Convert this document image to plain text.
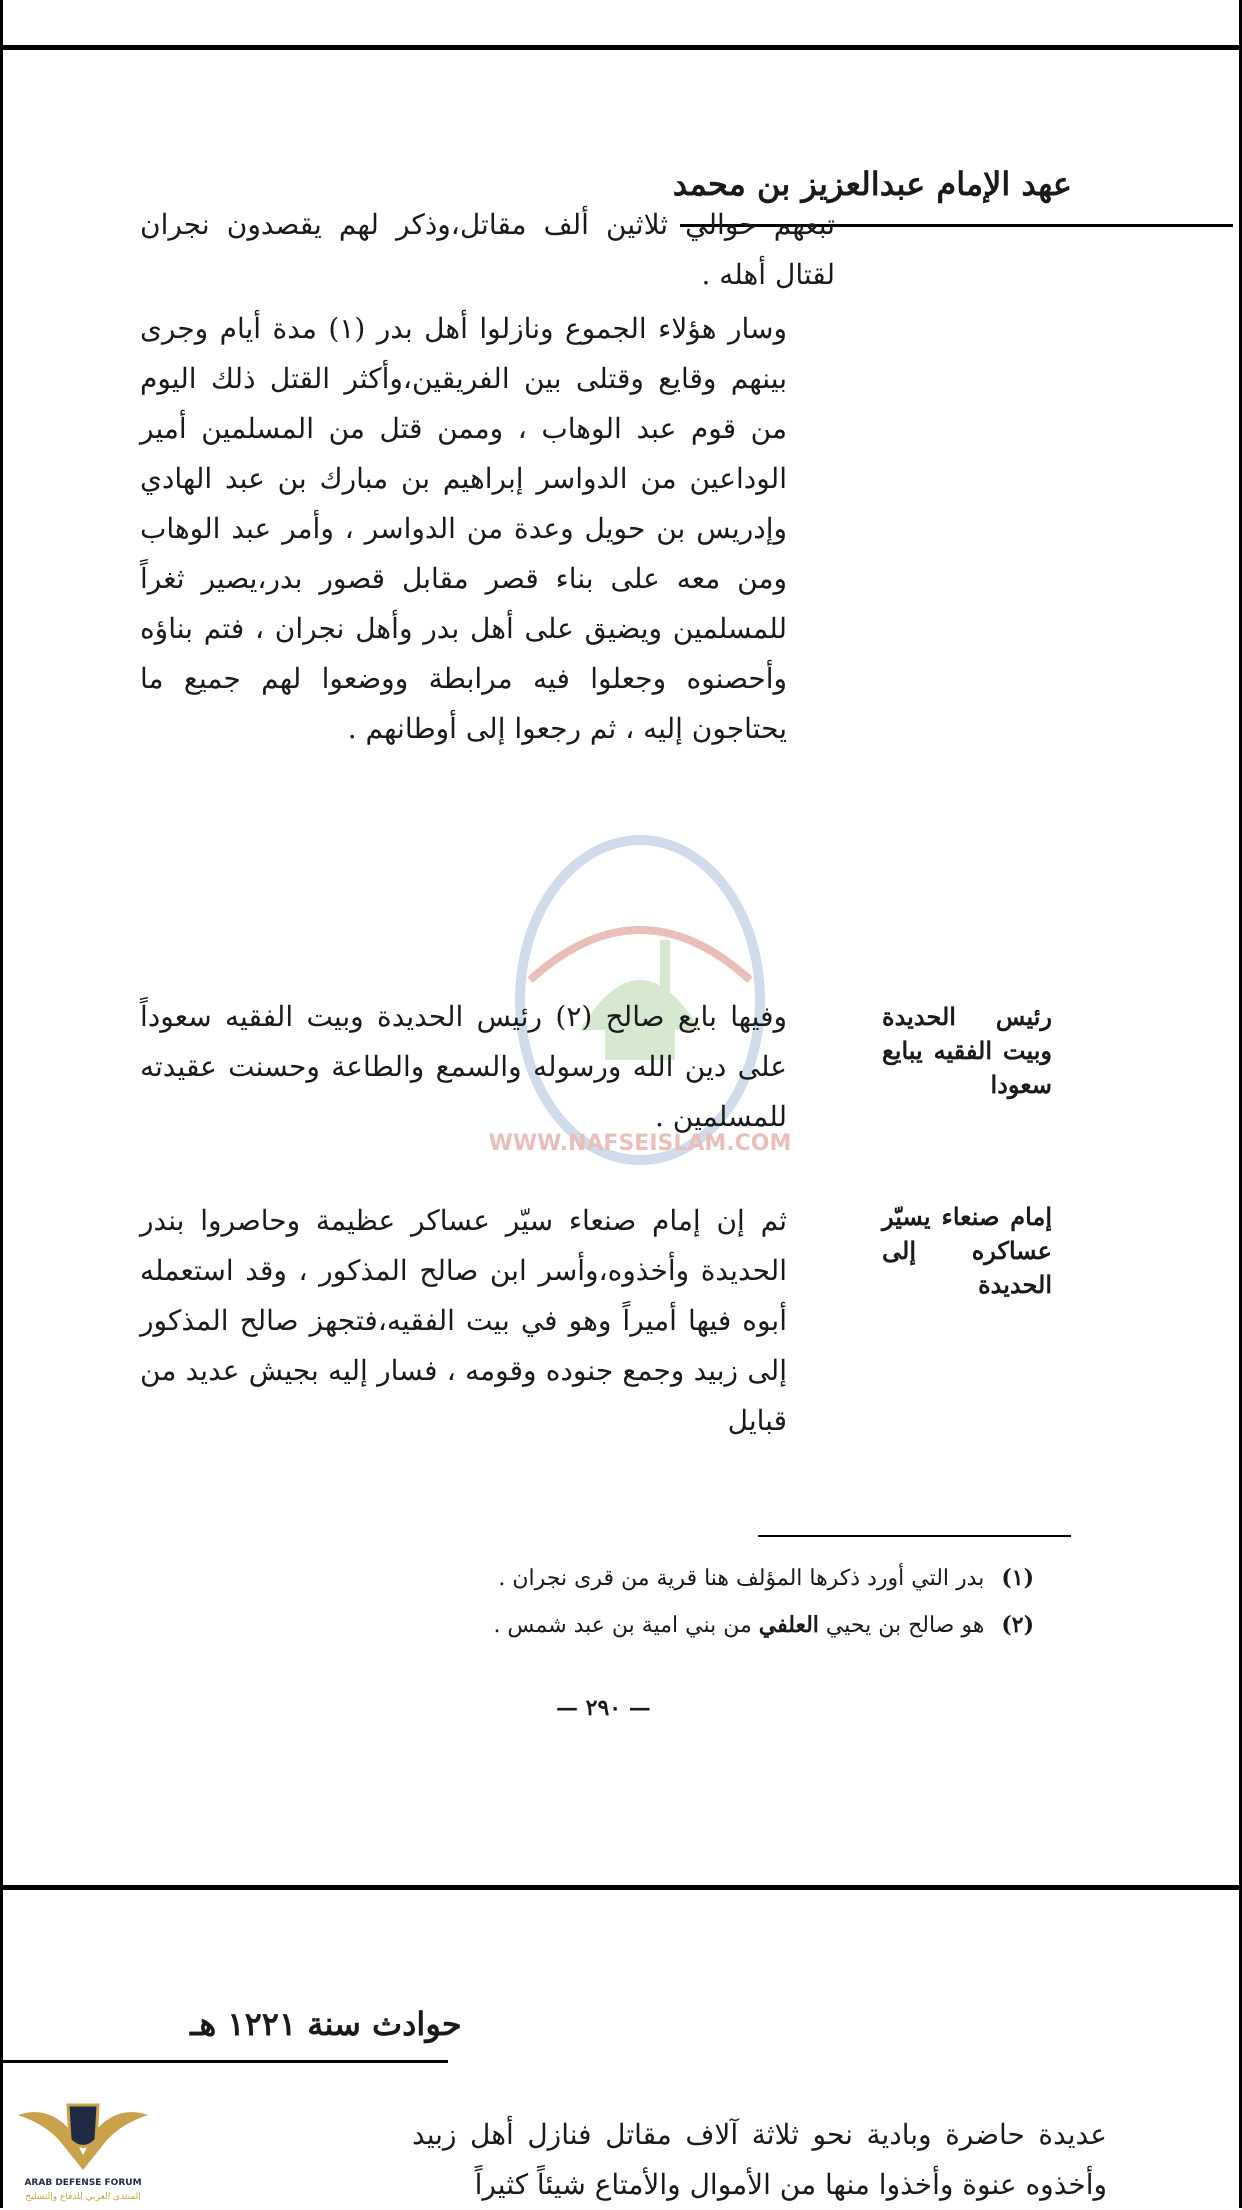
عهد الإمام عبدالعزيز بن محمد
WWW.NAFSEISLAM.COM

تبعهم حوالي ثلاثين ألف مقاتل،وذكر لهم يقصدون نجران لقتال أهله .

وسار هؤلاء الجموع ونازلوا أهل بدر (١) مدة أيام وجرى بينهم وقايع وقتلى بين الفريقين،وأكثر القتل ذلك اليوم من قوم عبد الوهاب ، وممن قتل من المسلمين أمير الوداعين من الدواسر إبراهيم بن مبارك بن عبد الهادي وإدريس بن حويل وعدة من الدواسر ، وأمر عبد الوهاب ومن معه على بناء قصر مقابل قصور بدر،يصير ثغراً للمسلمين ويضيق على أهل بدر وأهل نجران ، فتم بناؤه وأحصنوه وجعلوا فيه مرابطة ووضعوا لهم جميع ما يحتاجون إليه ، ثم رجعوا إلى أوطانهم .

رئيس الحديدة وبيت الفقيه يبايع سعودا

وفيها بايع صالح (٢) رئيس الحديدة وبيت الفقيه سعوداً على دين الله ورسوله والسمع والطاعة وحسنت عقيدته للمسلمين .

إمام صنعاء يسيّر عساكره إلى الحديدة

ثم إن إمام صنعاء سيّر عساكر عظيمة وحاصروا بندر الحديدة وأخذوه،وأسر ابن صالح المذكور ، وقد استعمله أبوه فيها أميراً وهو في بيت الفقيه،فتجهز صالح المذكور إلى زبيد وجمع جنوده وقومه ، فسار إليه بجيش عديد من قبايل

(١) بدر التي أورد ذكرها المؤلف هنا قرية من قرى نجران .
(٢) هو صالح بن يحيي العلفي من بني امية بن عبد شمس .
— ٢٩٠ —
حوادث سنة ١٢٢١ هـ

عديدة حاضرة وبادية نحو ثلاثة آلاف مقاتل فنازل أهل زبيد وأخذوه عنوة وأخذوا منها من الأموال والأمتاع شيئاً كثيراً

ARAB DEFENSE FORUM
المنتدى العربي للدفاع والتسليح
